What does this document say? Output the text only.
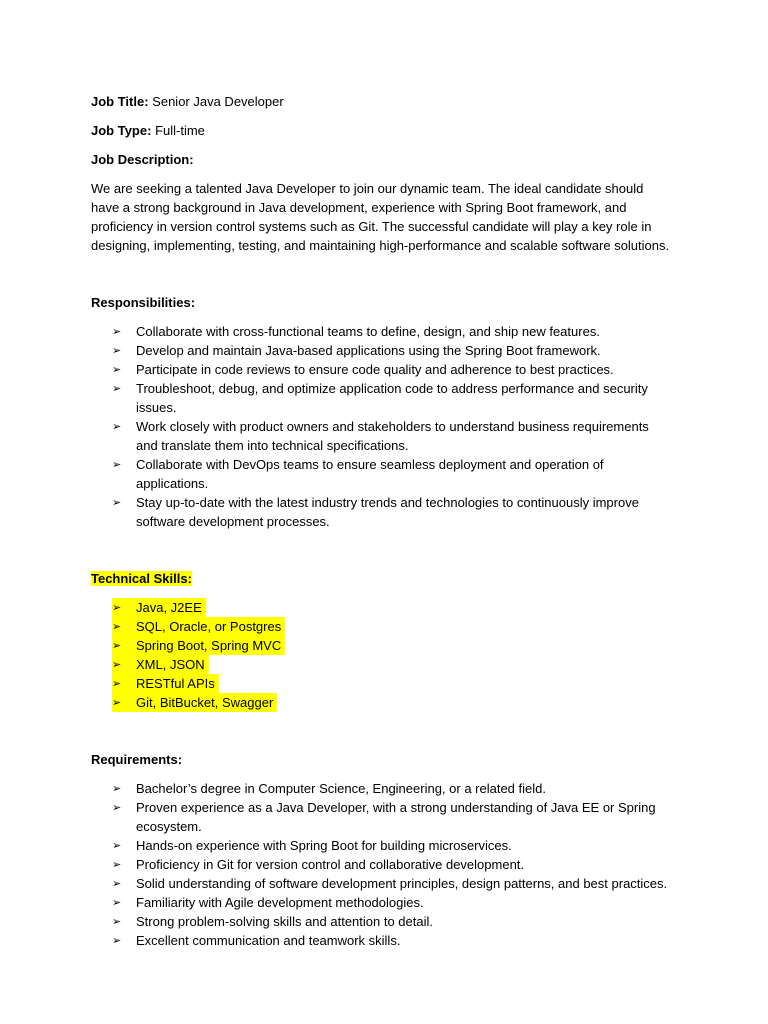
Job Title: Senior Java Developer

Job Type: Full-time

Job Description:

We are seeking a talented Java Developer to join our dynamic team. The ideal candidate should have a strong background in Java development, experience with Spring Boot framework, and proficiency in version control systems such as Git. The successful candidate will play a key role in designing, implementing, testing, and maintaining high-performance and scalable software solutions.

Responsibilities:

➢	Collaborate with cross-functional teams to define, design, and ship new features.
➢	Develop and maintain Java-based applications using the Spring Boot framework.
➢	Participate in code reviews to ensure code quality and adherence to best practices.
➢	Troubleshoot, debug, and optimize application code to address performance and security issues.
➢	Work closely with product owners and stakeholders to understand business requirements and translate them into technical specifications.
➢	Collaborate with DevOps teams to ensure seamless deployment and operation of applications.
➢	Stay up-to-date with the latest industry trends and technologies to continuously improve software development processes.

Technical Skills:

➢	Java, J2EE
➢	SQL, Oracle, or Postgres
➢	Spring Boot, Spring MVC
➢	XML, JSON
➢	RESTful APIs
➢	Git, BitBucket, Swagger

Requirements:

➢	Bachelor’s degree in Computer Science, Engineering, or a related field.
➢	Proven experience as a Java Developer, with a strong understanding of Java EE or Spring ecosystem.
➢	Hands-on experience with Spring Boot for building microservices.
➢	Proficiency in Git for version control and collaborative development.
➢	Solid understanding of software development principles, design patterns, and best practices.
➢	Familiarity with Agile development methodologies.
➢	Strong problem-solving skills and attention to detail.
➢	Excellent communication and teamwork skills.
